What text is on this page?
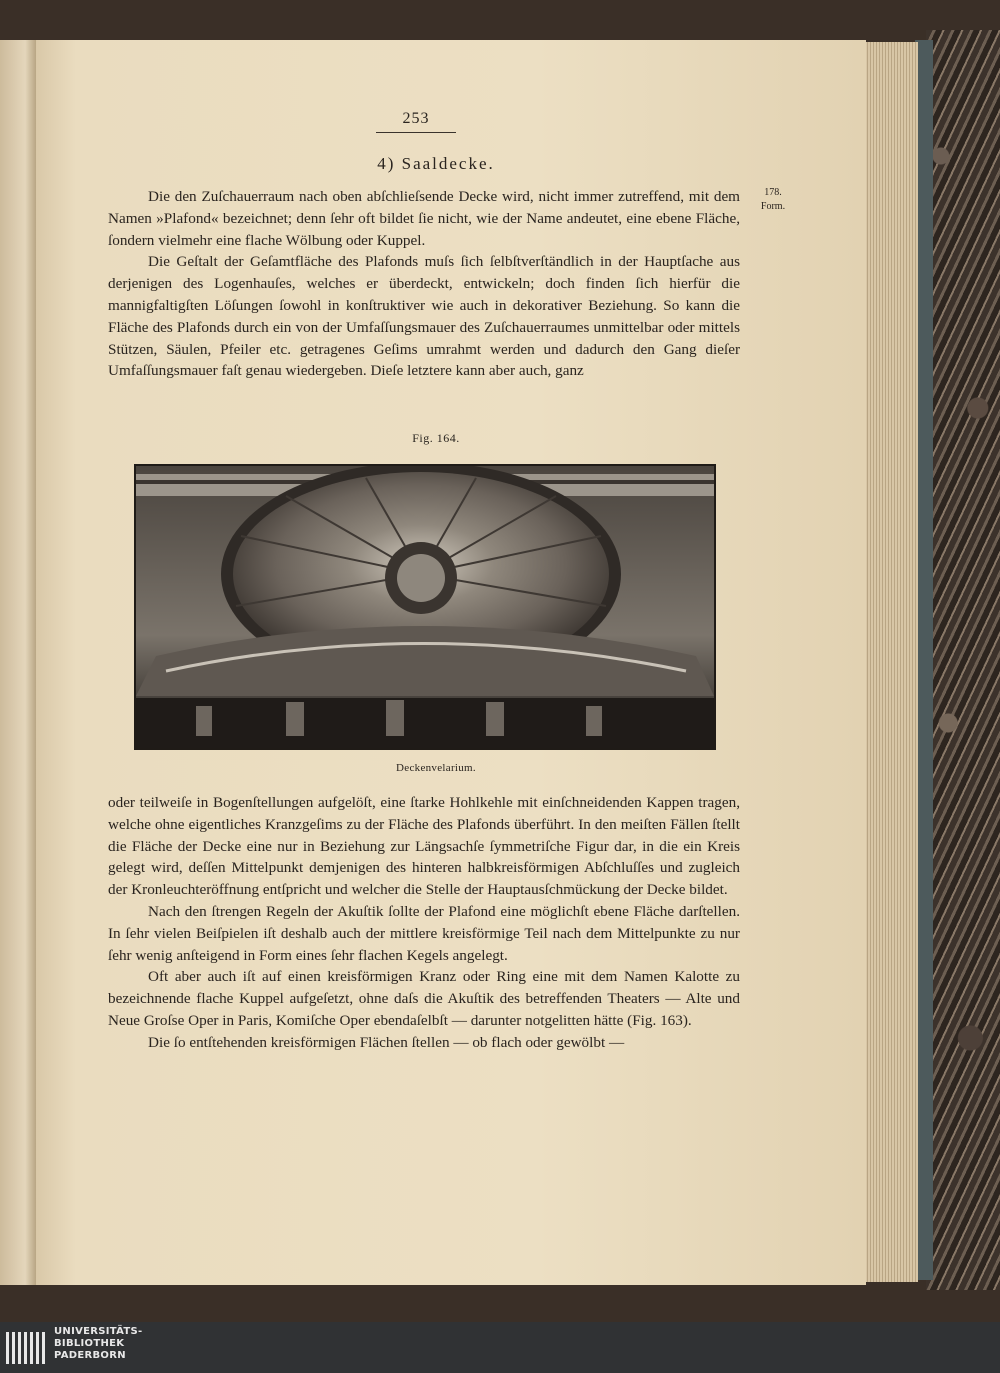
253
4) Saaldecke.
178.
Form.

Die den Zuſchauerraum nach oben abſchlieſsende Decke wird, nicht immer zutreffend, mit dem Namen »Plafond« bezeichnet; denn ſehr oft bildet ſie nicht, wie der Name andeutet, eine ebene Fläche, ſondern vielmehr eine flache Wölbung oder Kuppel.

Die Geſtalt der Geſamtfläche des Plafonds muſs ſich ſelbſtverſtändlich in der Hauptſache aus derjenigen des Logenhauſes, welches er überdeckt, entwickeln; doch finden ſich hierfür die mannigfaltigſten Löſungen ſowohl in konſtruktiver wie auch in dekorativer Beziehung. So kann die Fläche des Plafonds durch ein von der Umfaſſungsmauer des Zuſchauerraumes unmittelbar oder mittels Stützen, Säulen, Pfeiler etc. getragenes Geſims umrahmt werden und dadurch den Gang dieſer Umfaſſungsmauer faſt genau wiedergeben. Dieſe letztere kann aber auch, ganz

Fig. 164.
Deckenvelarium.

oder teilweiſe in Bogenſtellungen aufgelöſt, eine ſtarke Hohlkehle mit einſchneidenden Kappen tragen, welche ohne eigentliches Kranzgeſims zu der Fläche des Plafonds überführt. In den meiſten Fällen ſtellt die Fläche der Decke eine nur in Beziehung zur Längsachſe ſymmetriſche Figur dar, in die ein Kreis gelegt wird, deſſen Mittelpunkt demjenigen des hinteren halbkreisförmigen Abſchluſſes und zugleich der Kronleuchteröffnung entſpricht und welcher die Stelle der Hauptausſchmückung der Decke bildet.

Nach den ſtrengen Regeln der Akuſtik ſollte der Plafond eine möglichſt ebene Fläche darſtellen. In ſehr vielen Beiſpielen iſt deshalb auch der mittlere kreisförmige Teil nach dem Mittelpunkte zu nur ſehr wenig anſteigend in Form eines ſehr flachen Kegels angelegt.

Oft aber auch iſt auf einen kreisförmigen Kranz oder Ring eine mit dem Namen Kalotte zu bezeichnende flache Kuppel aufgeſetzt, ohne daſs die Akuſtik des betreffenden Theaters — Alte und Neue Groſse Oper in Paris, Komiſche Oper ebendaſelbſt — darunter notgelitten hätte (Fig. 163).

Die ſo entſtehenden kreisförmigen Flächen ſtellen — ob flach oder gewölbt —

UNIVERSITÄTS-
BIBLIOTHEK
PADERBORN
